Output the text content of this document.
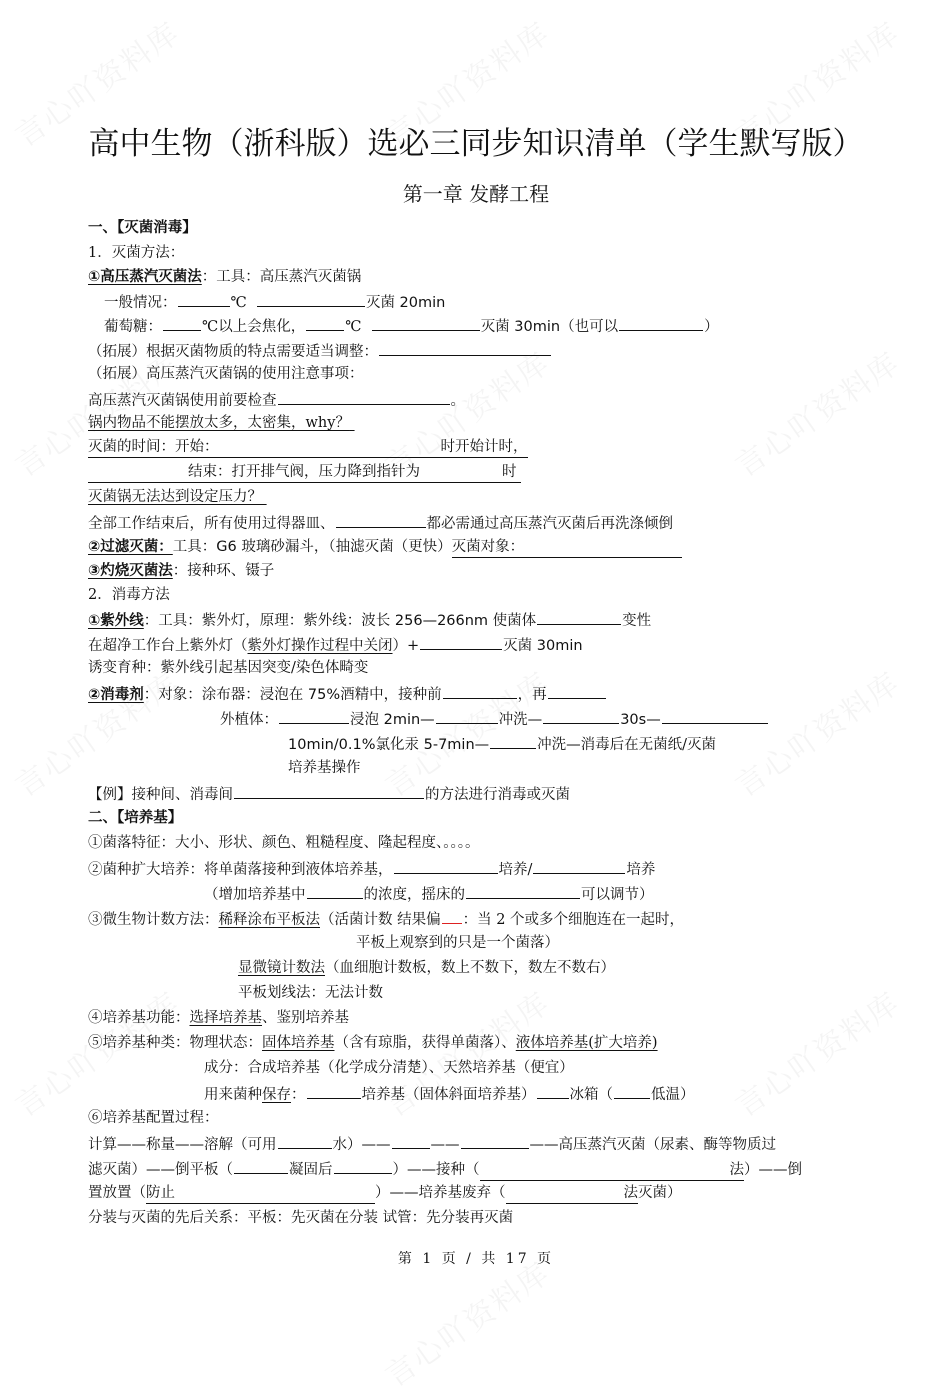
高中生物（浙科版）选必三同步知识清单（学生默写版）
第一章 发酵工程
一、【灭菌消毒】
1．灭菌方法：
①高压蒸汽灭菌法：工具：高压蒸汽灭菌锅
一般情况：	℃	灭菌 20min
葡萄糖：	℃以上会焦化，	℃	灭菌 30min（也可以	）
（拓展）根据灭菌物质的特点需要适当调整：
（拓展）高压蒸汽灭菌锅的使用注意事项：
高压蒸汽灭菌锅使用前要检查	。
锅内物品不能摆放太多，太密集，why？
灭菌的时间：开始：	时开始计时，
结束：打开排气阀，压力降到指针为	时
灭菌锅无法达到设定压力？
全部工作结束后，所有使用过得器皿、	都必需通过高压蒸汽灭菌后再洗涤倾倒
②过滤灭菌：工具：G6 玻璃砂漏斗，（抽滤灭菌（更快）灭菌对象：
③灼烧灭菌法：接种环、镊子
2．消毒方法
①紫外线：工具：紫外灯，原理：紫外线：波长 256—266nm 使菌体	变性
在超净工作台上紫外灯（紫外灯操作过程中关闭）+	灭菌 30min
诱变育种：紫外线引起基因突变/染色体畸变
②消毒剂：对象：涂布器：浸泡在 75%酒精中，接种前	，再
外植体：	浸泡 2min—	冲洗—	30s—
10min/0.1%氯化汞 5-7min—	冲洗—消毒后在无菌纸/灭菌
培养基操作
【例】接种间、消毒间	的方法进行消毒或灭菌
二、【培养基】
①菌落特征：大小、形状、颜色、粗糙程度、隆起程度、。。。。
②菌种扩大培养：将单菌落接种到液体培养基，	培养/	培养
（增加培养基中	的浓度，摇床的	可以调节）
③微生物计数方法：稀释涂布平板法（活菌计数 结果偏 ：当 2 个或多个细胞连在一起时，
平板上观察到的只是一个菌落）
显微镜计数法（血细胞计数板，数上不数下，数左不数右）
平板划线法：无法计数
④培养基功能：选择培养基、鉴别培养基
⑤培养基种类：物理状态：固体培养基（含有琼脂，获得单菌落）、液体培养基(扩大培养)
成分：合成培养基（化学成分清楚）、天然培养基（便宜）
用来菌种保存：	培养基（固体斜面培养基） 冰箱（	低温）
⑥培养基配置过程：
计算——称量——溶解（可用	水）——	——	——高压蒸汽灭菌（尿素、酶等物质过
滤灭菌）——倒平板（	凝固后	）——接种（	法）——倒
置放置（防止	）——培养基废弃（	法灭菌）
分装与灭菌的先后关系：平板：先灭菌在分装 试管：先分装再灭菌
第 1 页 / 共 17 页
